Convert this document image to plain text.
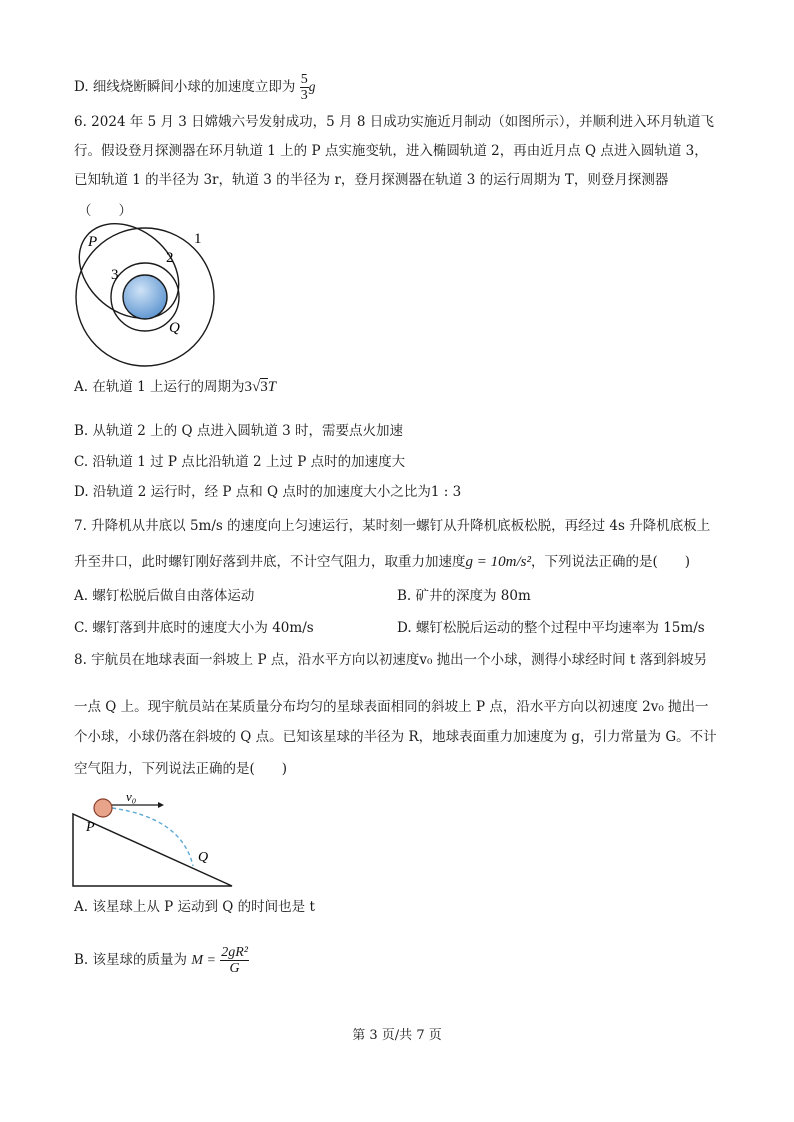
D. 细线烧断瞬间小球的加速度立即为 $\frac{5}{3}$ g
6. 2024 年 5 月 3 日嫦娥六号发射成功，5 月 8 日成功实施近月制动（如图所示），并顺利进入环月轨道飞
行。假设登月探测器在环月轨道 1 上的 P 点实施变轨，进入椭圆轨道 2，再由近月点 Q 点进入圆轨道 3，
已知轨道 1 的半径为 3r，轨道 3 的半径为 r，登月探测器在轨道 3 的运行周期为 T，则登月探测器
（　　）
P	1
2
3
Q
A. 在轨道 1 上运行的周期为3√3T
B. 从轨道 2 上的 Q 点进入圆轨道 3 时，需要点火加速
C. 沿轨道 1 过 P 点比沿轨道 2 上过 P 点时的加速度大
D. 沿轨道 2 运行时，经 P 点和 Q 点时的加速度大小之比为1 : 3
7. 升降机从井底以 5m/s 的速度向上匀速运行，某时刻一螺钉从升降机底板松脱，再经过 4s 升降机底板上
升至井口，此时螺钉刚好落到井底，不计空气阻力，取重力加速度g = 10m/s²，下列说法正确的是(　　)
A. 螺钉松脱后做自由落体运动	B. 矿井的深度为 80m
C. 螺钉落到井底时的速度大小为 40m/s	D. 螺钉松脱后运动的整个过程中平均速率为 15m/s
8. 宇航员在地球表面一斜坡上 P 点，沿水平方向以初速度v₀ 抛出一个小球，测得小球经时间 t 落到斜坡另
一点 Q 上。现宇航员站在某质量分布均匀的星球表面相同的斜坡上 P 点，沿水平方向以初速度 2v₀ 抛出一
个小球，小球仍落在斜坡的 Q 点。已知该星球的半径为 R，地球表面重力加速度为 g，引力常量为 G。不计
空气阻力，下列说法正确的是(　　)
v₀
P
Q
A. 该星球上从 P 运动到 Q 的时间也是 t
B. 该星球的质量为 $M = \frac{\text{2gR²}}{G}$
第 3 页/共 7 页
